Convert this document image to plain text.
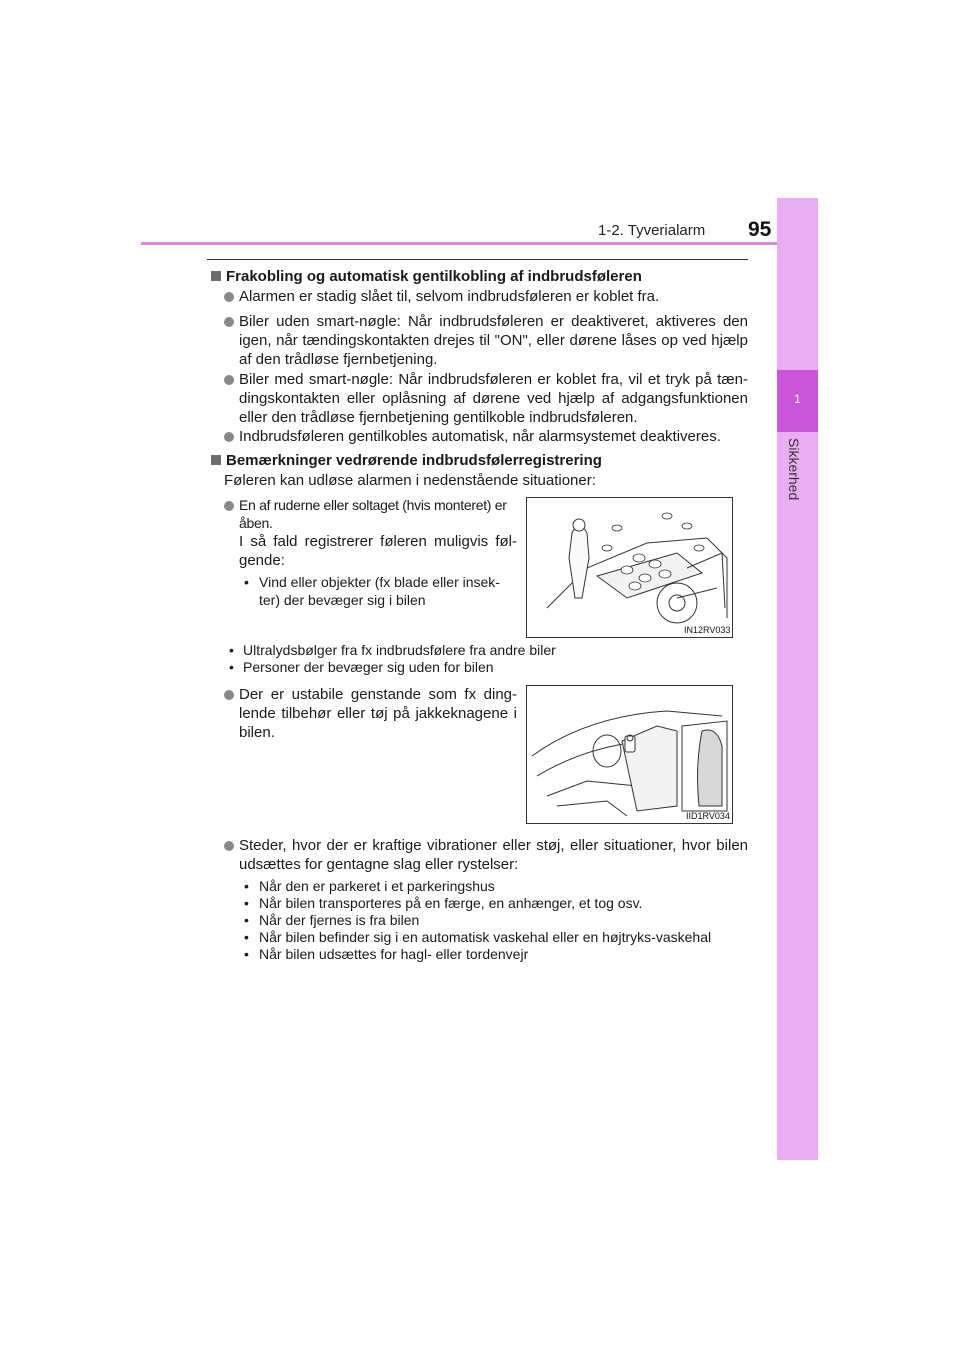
1-2. Tyverialarm 95
1
Sikkerhed
Frakobling og automatisk gentilkobling af indbrudsføleren
Alarmen er stadig slået til, selvom indbrudsføleren er koblet fra.
Biler uden smart-nøgle: Når indbrudsføleren er deaktiveret, aktiveres den igen, når tændingskontakten drejes til "ON", eller dørene låses op ved hjælp af den trådløse fjernbetjening.
Biler med smart-nøgle: Når indbrudsføleren er koblet fra, vil et tryk på tæn- dingskontakten eller oplåsning af dørene ved hjælp af adgangsfunktionen eller den trådløse fjernbetjening gentilkoble indbrudsføleren.
Indbrudsføleren gentilkobles automatisk, når alarmsystemet deaktiveres.
Bemærkninger vedrørende indbrudsfølerregistrering
Føleren kan udløse alarmen i nedenstående situationer:
En af ruderne eller soltaget (hvis monteret) er åben.
I så fald registrerer føleren muligvis føl- gende:
• Vind eller objekter (fx blade eller insek- ter) der bevæger sig i bilen
IN12RV033
• Ultralydsbølger fra fx indbrudsfølere fra andre biler
• Personer der bevæger sig uden for bilen
Der er ustabile genstande som fx ding- lende tilbehør eller tøj på jakkeknagene i bilen.
IID1RV034
Steder, hvor der er kraftige vibrationer eller støj, eller situationer, hvor bilen udsættes for gentagne slag eller rystelser:
• Når den er parkeret i et parkeringshus
• Når bilen transporteres på en færge, en anhænger, et tog osv.
• Når der fjernes is fra bilen
• Når bilen befinder sig i en automatisk vaskehal eller en højtryks-vaskehal
• Når bilen udsættes for hagl- eller tordenvejr
